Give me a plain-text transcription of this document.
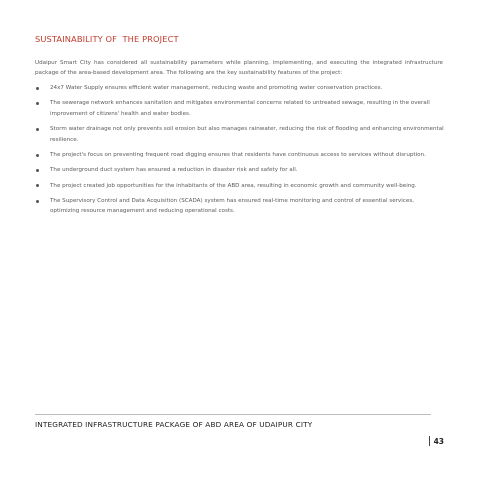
SUSTAINABILITY OF  THE PROJECT

Udaipur Smart City has considered all sustainability parameters while planning, implementing, and executing the integrated infrastructure package of the area-based development area. The following are the key sustainability features of the project:

24x7 Water Supply ensures efficient water management, reducing waste and promoting water conservation practices.
The sewerage network enhances sanitation and mitigates environmental concerns related to untreated sewage, resulting in the overall improvement of citizens' health and water bodies.
Storm water drainage not only prevents soil erosion but also manages rainwater, reducing the risk of flooding and enhancing environmental resilience.
The project's focus on preventing frequent road digging ensures that residents have continuous access to services without disruption.
The underground duct system has ensured a reduction in disaster risk and safety for all.
The project created job opportunities for the inhabitants of the ABD area, resulting in economic growth and community well-being.
The Supervisory Control and Data Acquisition (SCADA) system has ensured real-time monitoring and control of essential services, optimizing resource management and reducing operational costs.
INTEGRATED INFRASTRUCTURE PACKAGE OF ABD AREA OF UDAIPUR CITY
43
